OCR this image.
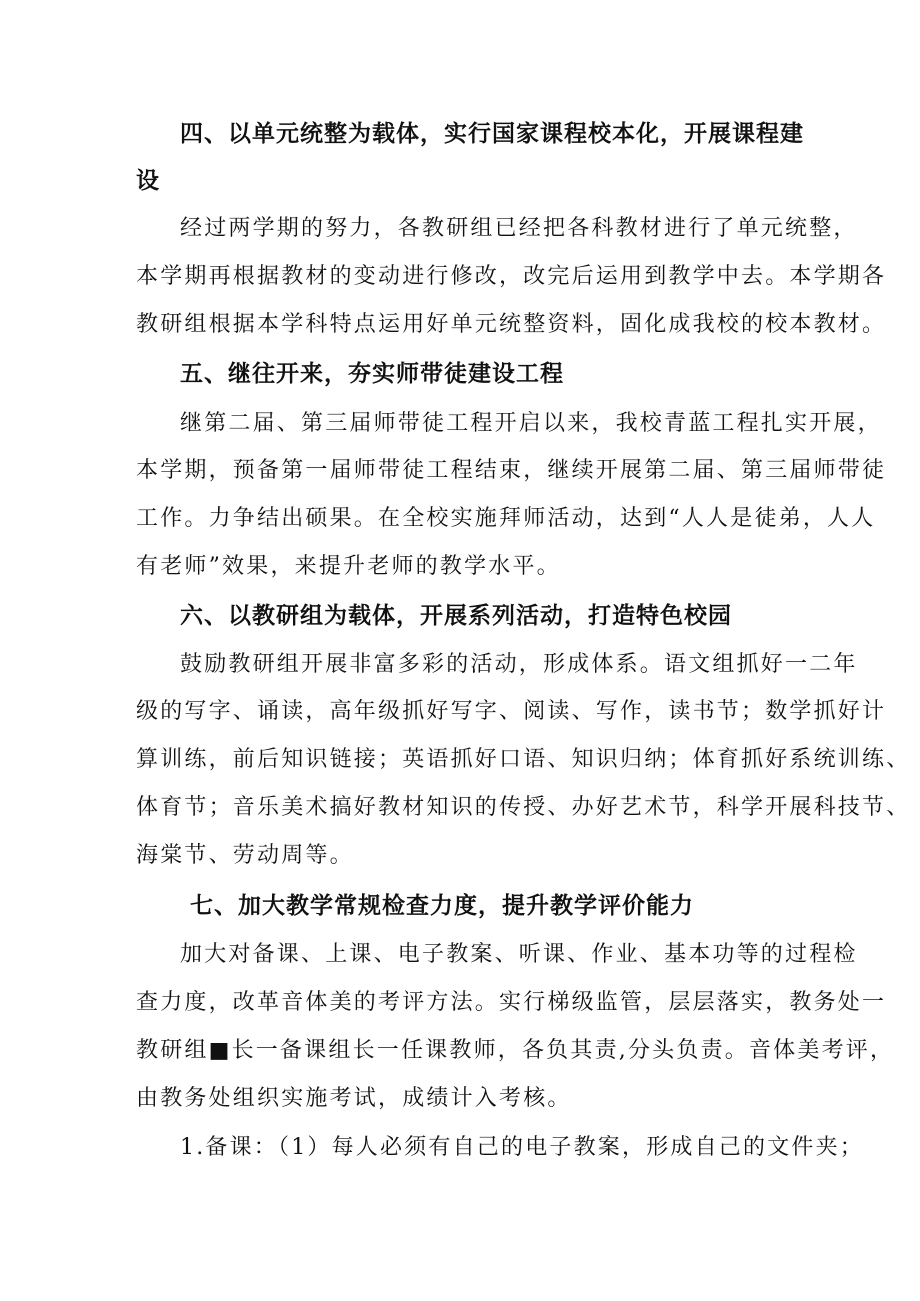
四、以单元统整为载体，实行国家课程校本化，开展课程建
设
经过两学期的努力，各教研组已经把各科教材进行了单元统整，
本学期再根据教材的变动进行修改，改完后运用到教学中去。本学期各
教研组根据本学科特点运用好单元统整资料，固化成我校的校本教材。
五、继往开来，夯实师带徒建设工程
继第二届、第三届师带徒工程开启以来，我校青蓝工程扎实开展，
本学期，预备第一届师带徒工程结束，继续开展第二届、第三届师带徒
工作。力争结出硕果。在全校实施拜师活动，达到“人人是徒弟，人人
有老师”效果，来提升老师的教学水平。
六、以教研组为载体，开展系列活动，打造特色校园
鼓励教研组开展非富多彩的活动，形成体系。语文组抓好一二年
级的写字、诵读，高年级抓好写字、阅读、写作，读书节；数学抓好计
算训练，前后知识链接；英语抓好口语、知识归纳；体育抓好系统训练、
体育节；音乐美术搞好教材知识的传授、办好艺术节，科学开展科技节、
海棠节、劳动周等。
七、加大教学常规检查力度，提升教学评价能力
加大对备课、上课、电子教案、听课、作业、基本功等的过程检
查力度，改革音体美的考评方法。实行梯级监管，层层落实，教务处一
教研组■长一备课组长一任课教师，各负其责,分头负责。音体美考评，
由教务处组织实施考试，成绩计入考核。
1.备课：（1）每人必须有自己的电子教案，形成自己的文件夹；
